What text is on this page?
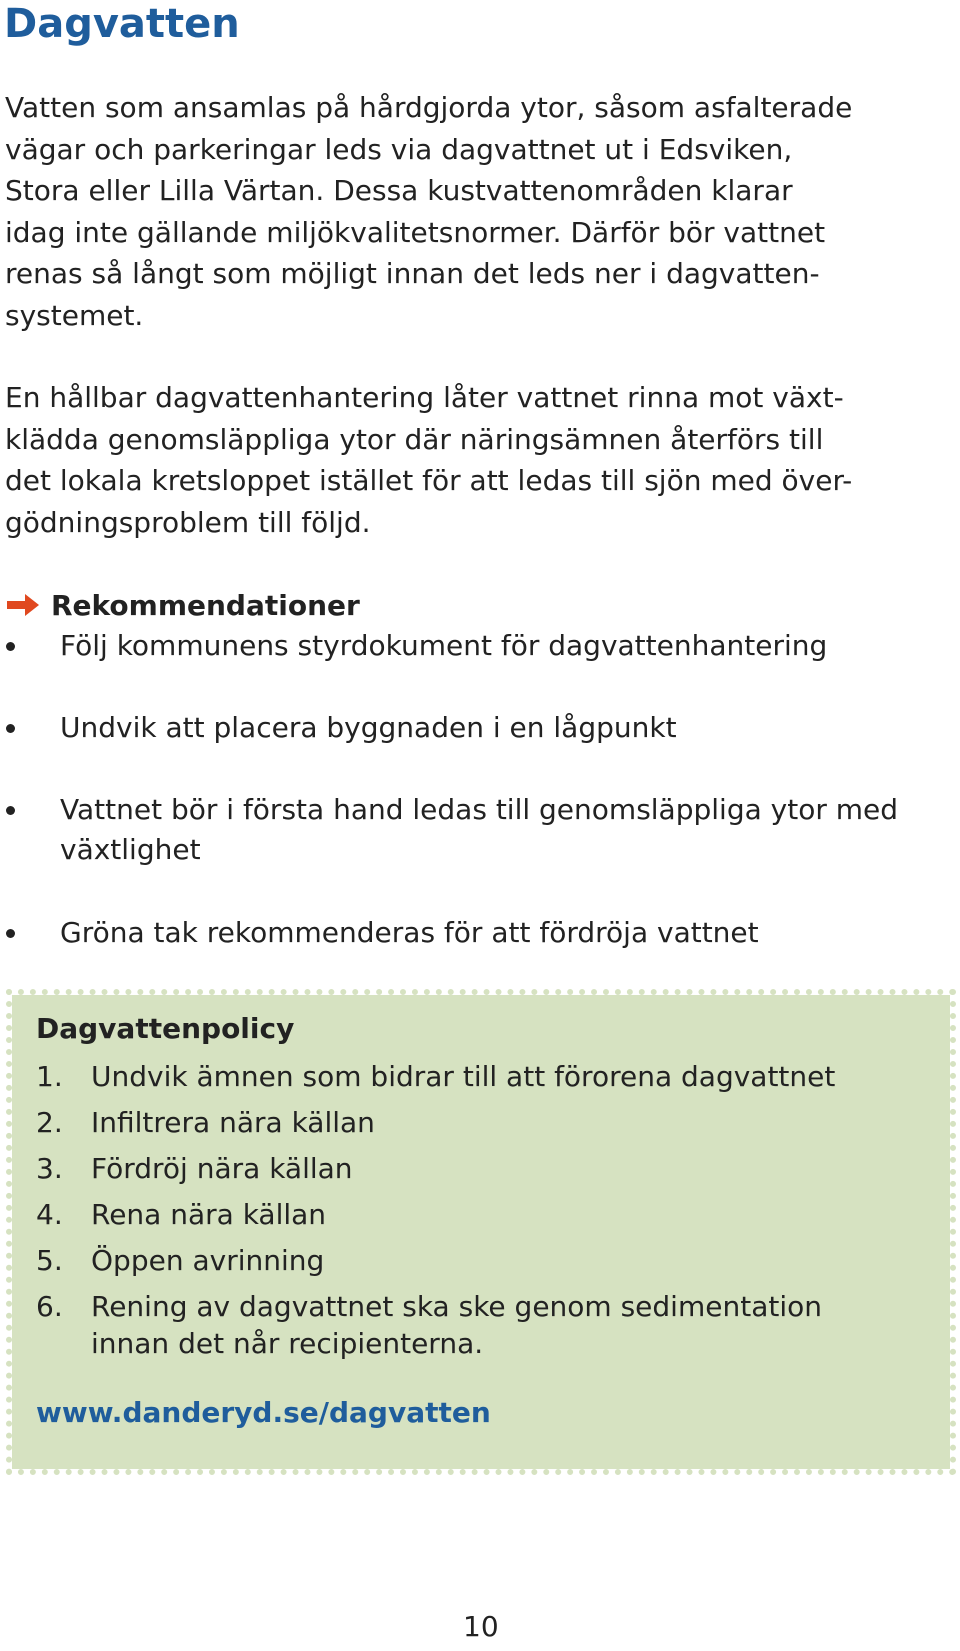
Dagvatten

Vatten som ansamlas på hårdgjorda ytor, såsom asfalterade
vägar och parkeringar leds via dagvattnet ut i Edsviken,
Stora eller Lilla Värtan. Dessa kustvattenområden klarar
idag inte gällande miljökvalitetsnormer. Därför bör vattnet
renas så långt som möjligt innan det leds ner i dagvatten-
systemet.

En hållbar dagvattenhantering låter vattnet rinna mot växt-
klädda genomsläppliga ytor där näringsämnen återförs till
det lokala kretsloppet istället för att ledas till sjön med över-
gödningsproblem till följd.

Rekommendationer
Följ kommunens styrdokument för dagvattenhantering
Undvik att placera byggnaden i en lågpunkt
Vattnet bör i första hand ledas till genomsläppliga ytor med växtlighet
Gröna tak rekommenderas för att fördröja vattnet
Dagvattenpolicy
1.	Undvik ämnen som bidrar till att förorena dagvattnet
2.	Infiltrera nära källan
3.	Fördröj nära källan
4.	Rena nära källan
5.	Öppen avrinning
6.	Rening av dagvattnet ska ske genom sedimentation innan det når recipienterna.
www.danderyd.se/dagvatten
10
